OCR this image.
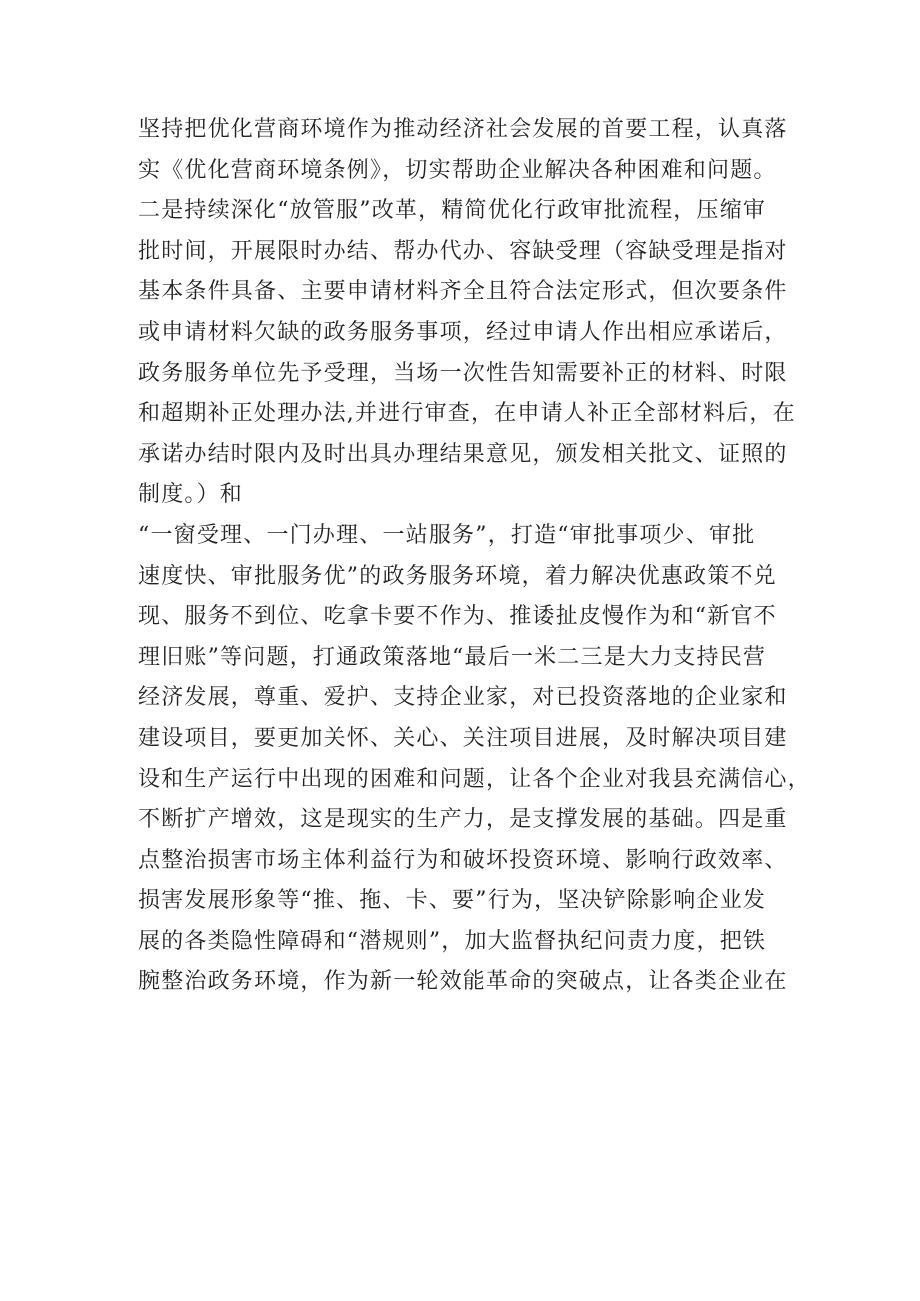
坚持把优化营商环境作为推动经济社会发展的首要工程，认真落
实《优化营商环境条例》，切实帮助企业解决各种困难和问题。
二是持续深化“放管服”改革，精简优化行政审批流程，压缩审
批时间，开展限时办结、帮办代办、容缺受理（容缺受理是指对
基本条件具备、主要申请材料齐全且符合法定形式，但次要条件
或申请材料欠缺的政务服务事项，经过申请人作出相应承诺后，
政务服务单位先予受理，当场一次性告知需要补正的材料、时限
和超期补正处理办法,并进行审查，在申请人补正全部材料后，在
承诺办结时限内及时出具办理结果意见，颁发相关批文、证照的
制度。）和
“一窗受理、一门办理、一站服务”，打造“审批事项少、审批
速度快、审批服务优”的政务服务环境，着力解决优惠政策不兑
现、服务不到位、吃拿卡要不作为、推诿扯皮慢作为和“新官不
理旧账”等问题，打通政策落地“最后一米二三是大力支持民营
经济发展，尊重、爱护、支持企业家，对已投资落地的企业家和
建设项目，要更加关怀、关心、关注项目进展，及时解决项目建
设和生产运行中出现的困难和问题，让各个企业对我县充满信心，
不断扩产增效，这是现实的生产力，是支撑发展的基础。四是重
点整治损害市场主体利益行为和破坏投资环境、影响行政效率、
损害发展形象等“推、拖、卡、要”行为，坚决铲除影响企业发
展的各类隐性障碍和“潜规则”，加大监督执纪问责力度，把铁
腕整治政务环境，作为新一轮效能革命的突破点，让各类企业在
